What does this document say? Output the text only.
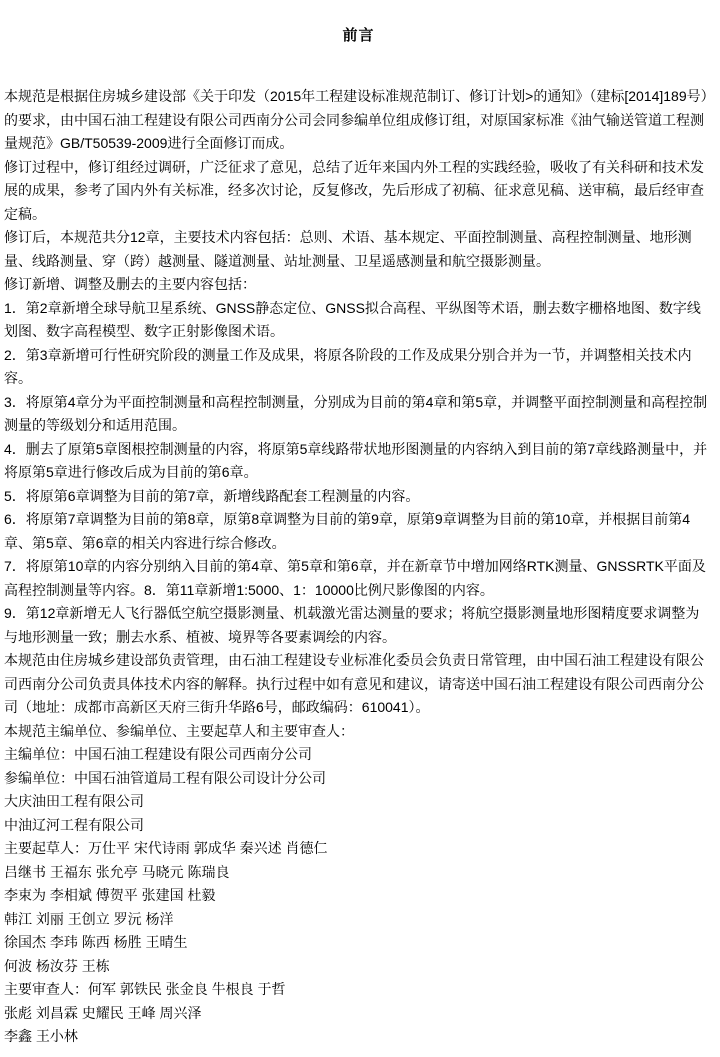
前言

本规范是根据住房城乡建设部《关于印发（2015年工程建设标准规范制订、修订计划>的通知》（建标[2014]189号）的要求，由中国石油工程建设有限公司西南分公司会同参编单位组成修订组，对原国家标准《油气输送管道工程测量规范》GB/T50539-2009进行全面修订而成。

修订过程中，修订组经过调研，广泛征求了意见，总结了近年来国内外工程的实践经验，吸收了有关科研和技术发展的成果，参考了国内外有关标准，经多次讨论，反复修改，先后形成了初稿、征求意见稿、送审稿，最后经审查定稿。

修订后，本规范共分12章，主要技术内容包括：总则、术语、基本规定、平面控制测量、高程控制测量、地形测量、线路测量、穿（跨）越测量、隧道测量、站址测量、卫星遥感测量和航空摄影测量。

修订新增、调整及删去的主要内容包括：

1．第2章新增全球导航卫星系统、GNSS静态定位、GNSS拟合高程、平纵图等术语，删去数字栅格地图、数字线划图、数字高程模型、数字正射影像图术语。

2．第3章新增可行性研究阶段的测量工作及成果，将原各阶段的工作及成果分别合并为一节，并调整相关技术内容。

3．将原第4章分为平面控制测量和高程控制测量，分别成为目前的第4章和第5章，并调整平面控制测量和高程控制测量的等级划分和适用范围。

4．删去了原第5章图根控制测量的内容，将原第5章线路带状地形图测量的内容纳入到目前的第7章线路测量中，并将原第5章进行修改后成为目前的第6章。

5．将原第6章调整为目前的第7章，新增线路配套工程测量的内容。

6．将原第7章调整为目前的第8章，原第8章调整为目前的第9章，原第9章调整为目前的第10章，并根据目前第4章、第5章、第6章的相关内容进行综合修改。

7．将原第10章的内容分别纳入目前的第4章、第5章和第6章，并在新章节中增加网络RTK测量、GNSSRTK平面及高程控制测量等内容。8．第11章新增1:5000、1：10000比例尺影像图的内容。

9．第12章新增无人飞行器低空航空摄影测量、机载激光雷达测量的要求；将航空摄影测量地形图精度要求调整为与地形测量一致；删去水系、植被、境界等各要素调绘的内容。

本规范由住房城乡建设部负责管理，由石油工程建设专业标准化委员会负责日常管理，由中国石油工程建设有限公司西南分公司负责具体技术内容的解释。执行过程中如有意见和建议，请寄送中国石油工程建设有限公司西南分公司（地址：成都市高新区天府三街升华路6号，邮政编码：610041）。

本规范主编单位、参编单位、主要起草人和主要审查人：

主编单位：中国石油工程建设有限公司西南分公司

参编单位：中国石油管道局工程有限公司设计分公司

大庆油田工程有限公司

中油辽河工程有限公司

主要起草人：万仕平 宋代诗雨 郭成华 秦兴述 肖德仁

吕继书 王福东 张允亭 马晓元 陈瑞良

李束为 李相斌 傅贺平 张建国 杜毅

韩江 刘丽 王创立 罗沅 杨洋

徐国杰 李玮 陈西 杨胜 王晴生

何波 杨汝芬 王栋

主要审查人：何军 郭铁民 张金良 牛根良 于哲

张彪 刘昌霖 史耀民 王峰 周兴泽

李鑫 王小林
